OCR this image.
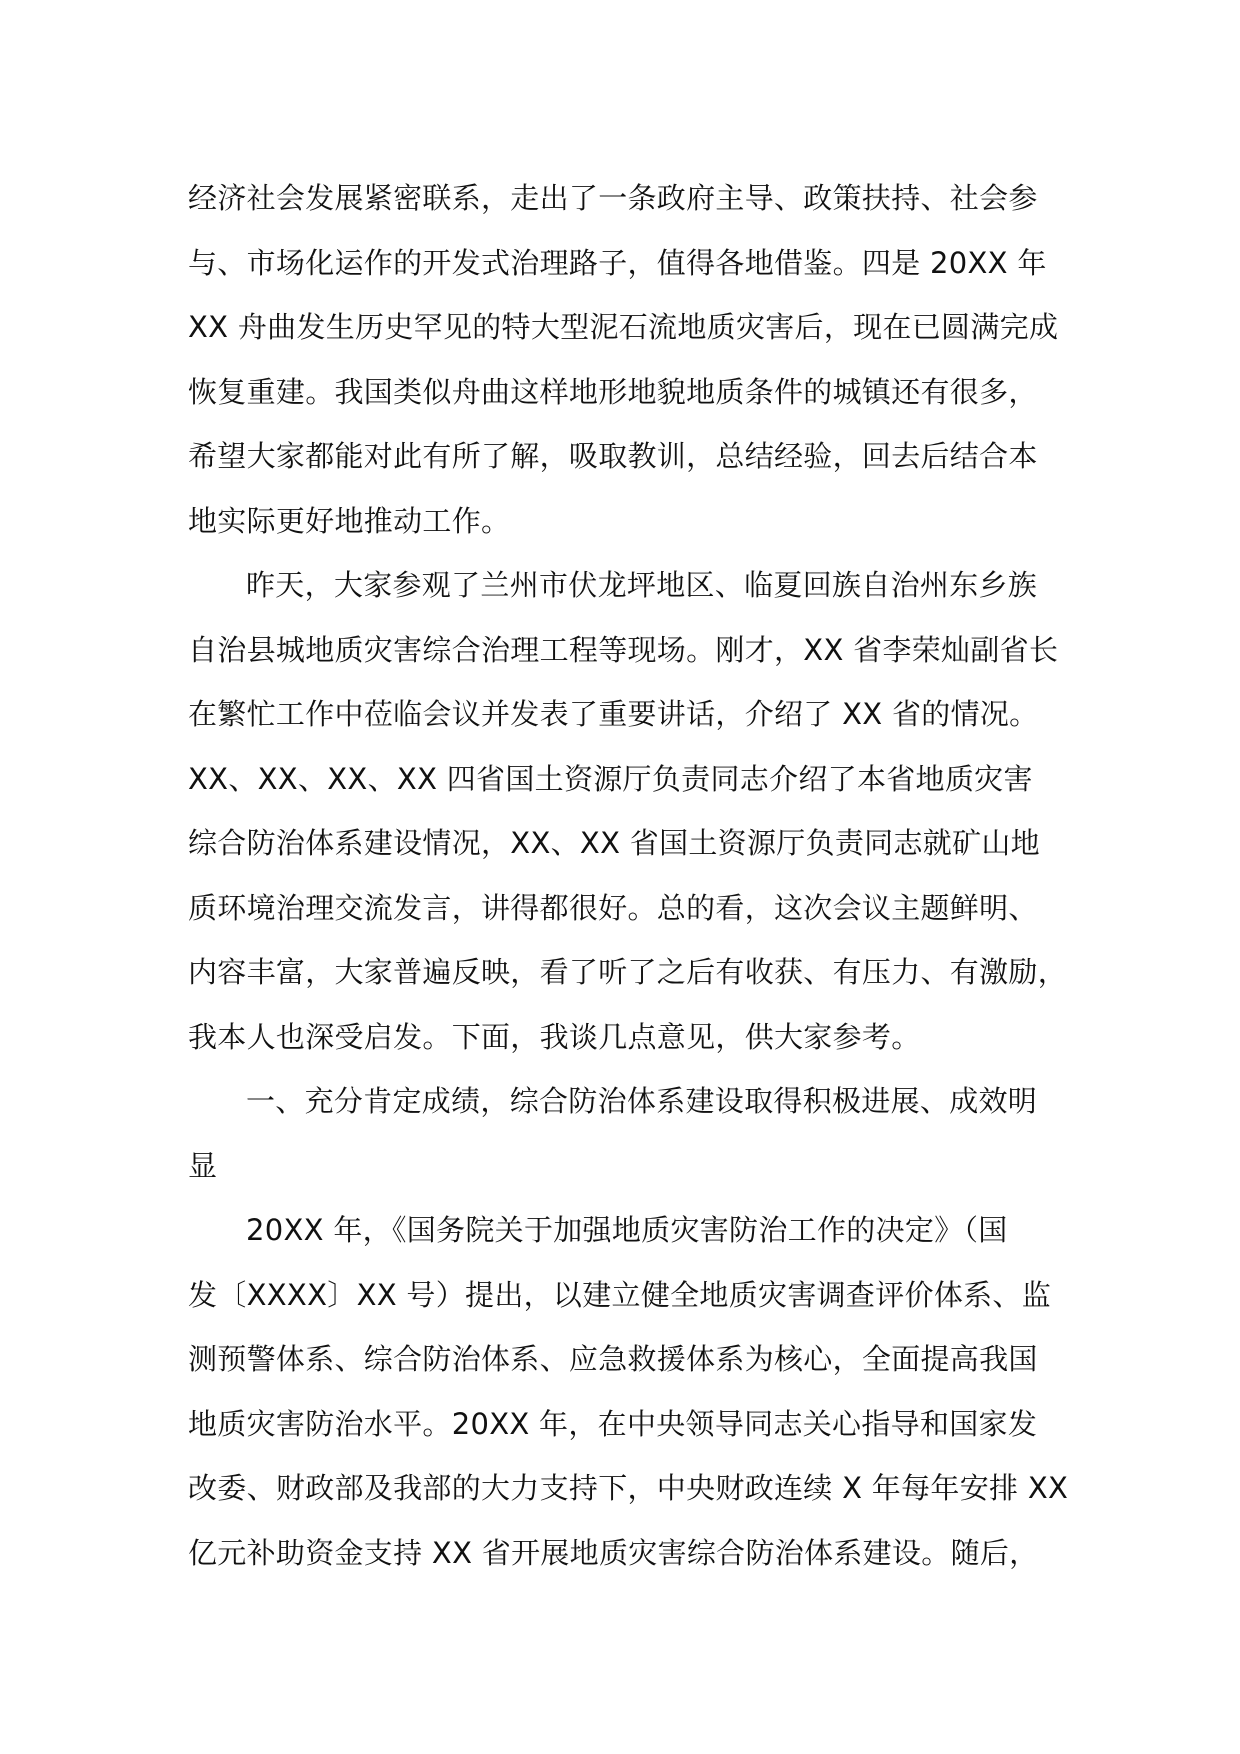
经济社会发展紧密联系，走出了一条政府主导、政策扶持、社会参
与、市场化运作的开发式治理路子，值得各地借鉴。四是 20XX 年
XX 舟曲发生历史罕见的特大型泥石流地质灾害后，现在已圆满完成
恢复重建。我国类似舟曲这样地形地貌地质条件的城镇还有很多，
希望大家都能对此有所了解，吸取教训，总结经验，回去后结合本
地实际更好地推动工作。
昨天，大家参观了兰州市伏龙坪地区、临夏回族自治州东乡族
自治县城地质灾害综合治理工程等现场。刚才，XX 省李荣灿副省长
在繁忙工作中莅临会议并发表了重要讲话，介绍了 XX 省的情况。
XX、XX、XX、XX 四省国土资源厅负责同志介绍了本省地质灾害
综合防治体系建设情况，XX、XX 省国土资源厅负责同志就矿山地
质环境治理交流发言，讲得都很好。总的看，这次会议主题鲜明、
内容丰富，大家普遍反映，看了听了之后有收获、有压力、有激励，
我本人也深受启发。下面，我谈几点意见，供大家参考。
一、充分肯定成绩，综合防治体系建设取得积极进展、成效明
显
20XX 年，《国务院关于加强地质灾害防治工作的决定》（国
发〔XXXX〕XX 号）提出，以建立健全地质灾害调查评价体系、监
测预警体系、综合防治体系、应急救援体系为核心，全面提高我国
地质灾害防治水平。20XX 年，在中央领导同志关心指导和国家发
改委、财政部及我部的大力支持下，中央财政连续 X 年每年安排 XX
亿元补助资金支持 XX 省开展地质灾害综合防治体系建设。随后，
